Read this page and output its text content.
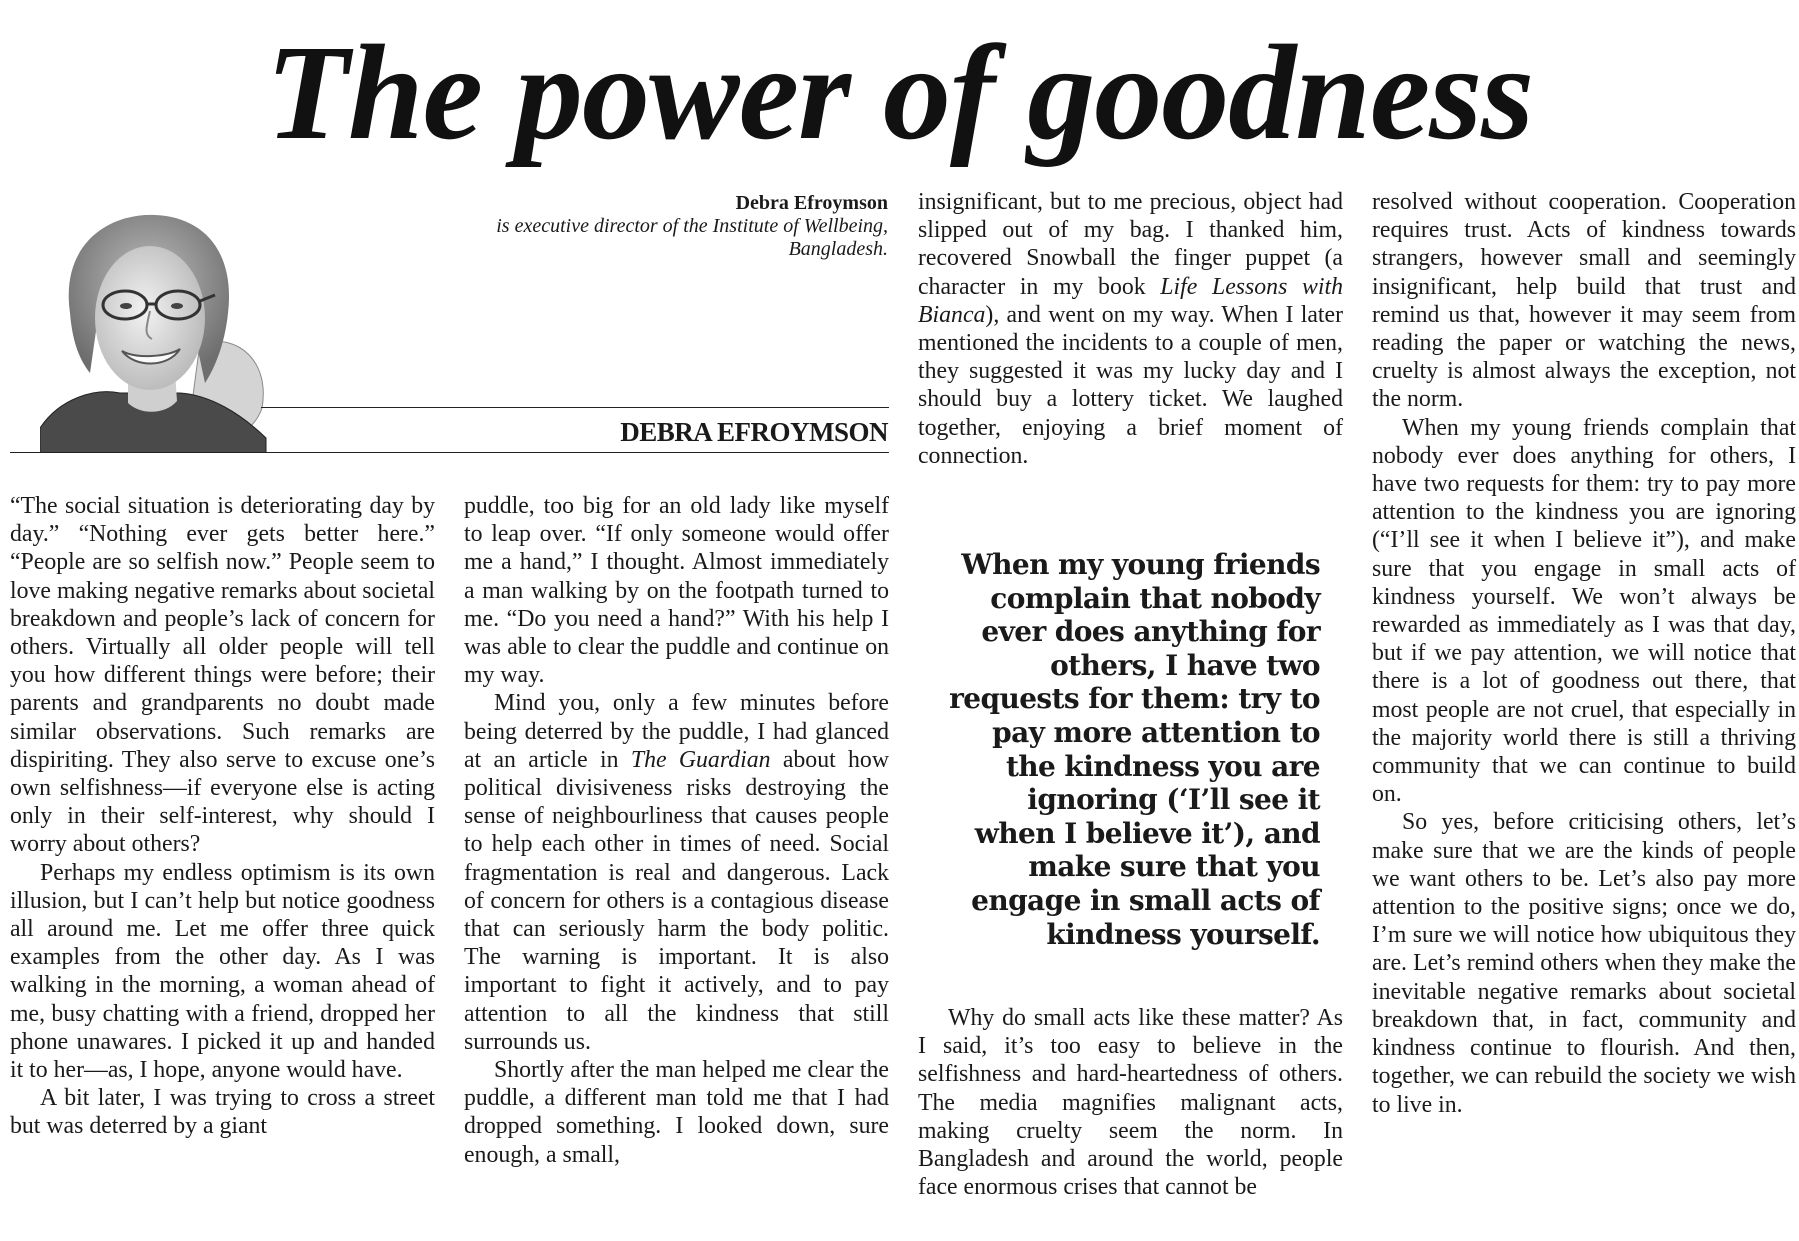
The power of goodness
Debra Efroymson
is executive director of the Institute of Wellbeing, Bangladesh.
DEBRA EFROYMSON

“The social situation is deteriorating day by day.” “Nothing ever gets better here.” “People are so selfish now.” People seem to love making negative remarks about societal breakdown and people’s lack of concern for others. Virtually all older people will tell you how different things were before; their parents and grandparents no doubt made similar observations. Such remarks are dispiriting. They also serve to excuse one’s own selfishness—if everyone else is acting only in their self-interest, why should I worry about others?

Perhaps my endless optimism is its own illusion, but I can’t help but notice goodness all around me. Let me offer three quick examples from the other day. As I was walking in the morning, a woman ahead of me, busy chatting with a friend, dropped her phone unawares. I picked it up and handed it to her—as, I hope, anyone would have.

A bit later, I was trying to cross a street but was deterred by a giant

puddle, too big for an old lady like myself to leap over. “If only someone would offer me a hand,” I thought. Almost immediately a man walking by on the footpath turned to me. “Do you need a hand?” With his help I was able to clear the puddle and continue on my way.

Mind you, only a few minutes before being deterred by the puddle, I had glanced at an article in The Guardian about how political divisiveness risks destroying the sense of neighbourliness that causes people to help each other in times of need. Social fragmentation is real and dangerous. Lack of concern for others is a contagious disease that can seriously harm the body politic. The warning is important. It is also important to fight it actively, and to pay attention to all the kindness that still surrounds us.

Shortly after the man helped me clear the puddle, a different man told me that I had dropped something. I looked down, sure enough, a small,

insignificant, but to me precious, object had slipped out of my bag. I thanked him, recovered Snowball the finger puppet (a character in my book Life Lessons with Bianca), and went on my way. When I later mentioned the incidents to a couple of men, they suggested it was my lucky day and I should buy a lottery ticket. We laughed together, enjoying a brief moment of connection.

When my young friends complain that nobody ever does anything for others, I have two requests for them: try to pay more attention to the kindness you are ignoring (‘I’ll see it when I believe it’), and make sure that you engage in small acts of kindness yourself.

Why do small acts like these matter? As I said, it’s too easy to believe in the selfishness and hard-heartedness of others. The media magnifies malignant acts, making cruelty seem the norm. In Bangladesh and around the world, people face enormous crises that cannot be

resolved without cooperation. Cooperation requires trust. Acts of kindness towards strangers, however small and seemingly insignificant, help build that trust and remind us that, however it may seem from reading the paper or watching the news, cruelty is almost always the exception, not the norm.

When my young friends complain that nobody ever does anything for others, I have two requests for them: try to pay more attention to the kindness you are ignoring (“I’ll see it when I believe it”), and make sure that you engage in small acts of kindness yourself. We won’t always be rewarded as immediately as I was that day, but if we pay attention, we will notice that there is a lot of goodness out there, that most people are not cruel, that especially in the majority world there is still a thriving community that we can continue to build on.

So yes, before criticising others, let’s make sure that we are the kinds of people we want others to be. Let’s also pay more attention to the positive signs; once we do, I’m sure we will notice how ubiquitous they are. Let’s remind others when they make the inevitable negative remarks about societal breakdown that, in fact, community and kindness continue to flourish. And then, together, we can rebuild the society we wish to live in.
